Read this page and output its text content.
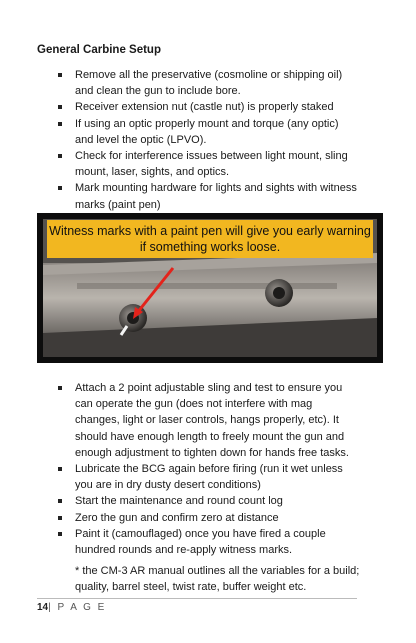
General Carbine Setup
Remove all the preservative (cosmoline or shipping oil) and clean the gun to include bore.
Receiver extension nut (castle nut) is properly staked
If using an optic properly mount and torque (any optic) and level the optic (LPVO).
Check for interference issues between light mount, sling mount, laser, sights, and optics.
Mark mounting hardware for lights and sights with witness marks (paint pen)
Witness marks with a paint pen will give you early warning if something works loose.
Attach a 2 point adjustable sling and test to ensure you can operate the gun (does not interfere with mag changes, light or laser controls, hangs properly, etc). It should have enough length to freely mount the gun and enough adjustment to tighten down for hands free tasks.
Lubricate the BCG again before firing (run it wet unless you are in dry dusty desert conditions)
Start the maintenance and round count log
Zero the gun and confirm zero at distance
Paint it (camouflaged) once you have fired a couple hundred rounds and re-apply witness marks.
* the CM-3 AR manual outlines all the variables for a build; quality, barrel steel, twist rate, buffer weight etc.
14| P A G E
